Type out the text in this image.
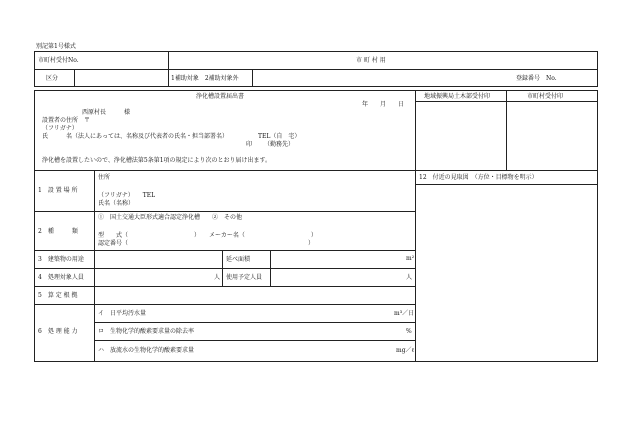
別記第1号様式
市町村受付No.	市 町 村 用
区分	1補助対象　2補助対象外	登録番号　No.
地域振興局土木部受付印	市町村受付印
12　付近の見取図　（方位・目標物を明示）
浄化槽設置届出書
年　　月　　日
西原村長　　　様
設置者の住所　〒
（フリガナ）
氏　　　名（法人にあっては、名称及び代表者の氏名・担当部署名）	TEL（自　宅）
印 （勤務先）
浄化槽を設置したいので、浄化槽法第5条第1項の規定により次のとおり届け出ます。
1　設 置 場 所
住所
（フリガナ）　　TEL
氏名（名称）
2　種　　　類
①　国土交通大臣形式適合認定浄化槽　　②　その他
型　　式（　　　　　　　　　　　）　　メーカー名（　　　　　　　　　　　）
認定番号（　　　　　　　　　　　　　　　　　　　　　　　　　　　　　　）
3　建築物の用途	延べ面積	m²
4　処理対象人員	人 使用予定人員	人
5　算 定 根 拠
6　処 理 能 力
イ　日平均汚水量	m³／日
ロ　生物化学的酸素要求量の除去率	%
ハ　放流水の生物化学的酸素要求量	mg／ℓ
